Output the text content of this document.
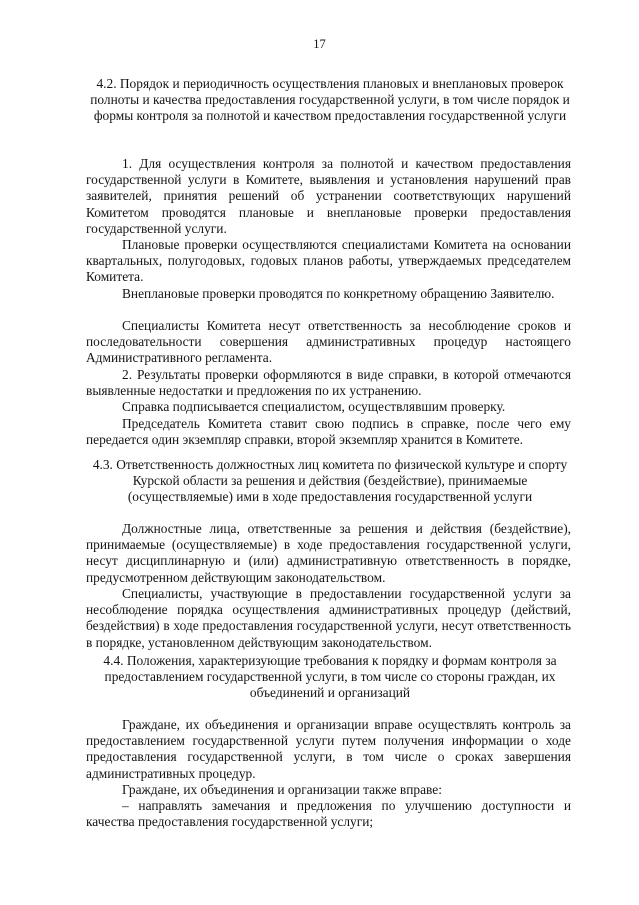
17
4.2. Порядок и периодичность осуществления плановых и внеплановых проверок полноты и качества предоставления государственной услуги, в том числе порядок и формы контроля за полнотой и качеством предоставления государственной услуги
1. Для осуществления контроля за полнотой и качеством предоставления государственной услуги в Комитете, выявления и установления нарушений прав заявителей, принятия решений об устранении соответствующих нарушений Комитетом проводятся плановые и внеплановые проверки предоставления государственной услуги.
Плановые проверки осуществляются специалистами Комитета на основании квартальных, полугодовых, годовых планов работы, утверждаемых председателем Комитета.
Внеплановые проверки проводятся по конкретному обращению Заявителю.
Специалисты Комитета несут ответственность за несоблюдение сроков и последовательности совершения административных процедур настоящего Административного регламента.
2. Результаты проверки оформляются в виде справки, в которой отмечаются выявленные недостатки и предложения по их устранению.
Справка подписывается специалистом, осуществлявшим проверку.
Председатель Комитета ставит свою подпись в справке, после чего ему передается один экземпляр справки, второй экземпляр хранится в Комитете.
4.3. Ответственность должностных лиц комитета по физической культуре и спорту Курской области за решения и действия (бездействие), принимаемые (осуществляемые) ими в ходе предоставления государственной услуги
Должностные лица, ответственные за решения и действия (бездействие), принимаемые (осуществляемые) в ходе предоставления государственной услуги, несут дисциплинарную и (или) административную ответственность в порядке, предусмотренном действующим законодательством.
Специалисты, участвующие в предоставлении государственной услуги за несоблюдение порядка осуществления административных процедур (действий, бездействия) в ходе предоставления государственной услуги, несут ответственность в порядке, установленном действующим законодательством.
4.4. Положения, характеризующие требования к порядку и формам контроля за предоставлением государственной услуги, в том числе со стороны граждан, их объединений и организаций
Граждане, их объединения и организации вправе осуществлять контроль за предоставлением государственной услуги путем получения информации о ходе предоставления государственной услуги, в том числе о сроках завершения административных процедур.
Граждане, их объединения и организации также вправе:
– направлять замечания и предложения по улучшению доступности и качества предоставления государственной услуги;
